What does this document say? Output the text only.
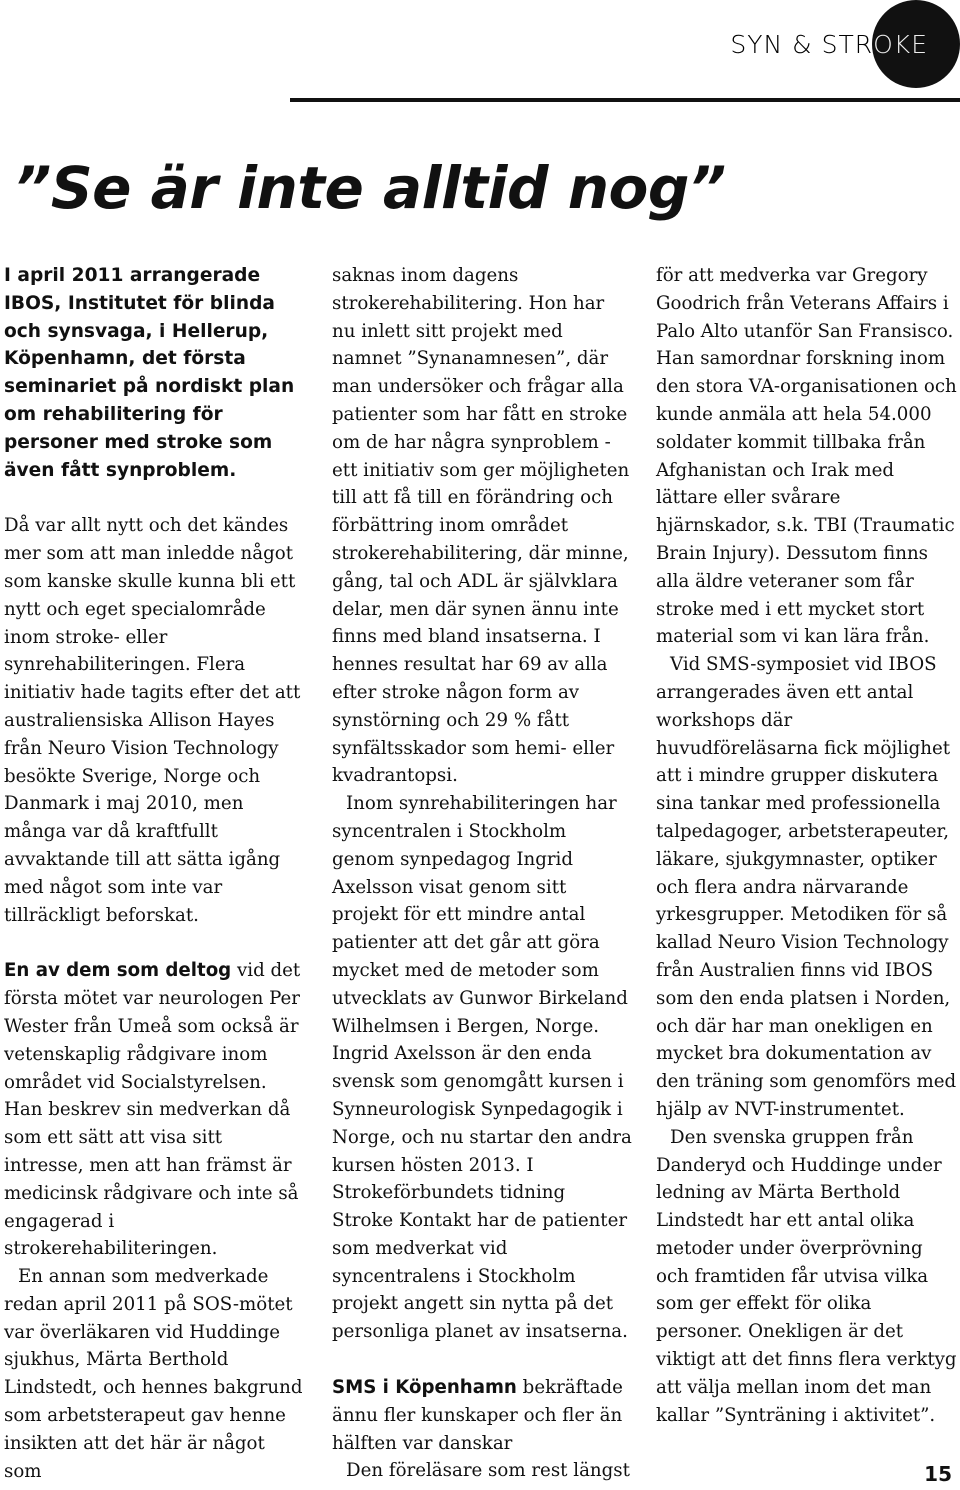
SYN & STROKE
”Se är inte alltid nog”

I april 2011 arrangerade IBOS, Institutet för blinda och synsvaga, i Hellerup, Köpenhamn, det första seminariet på nordiskt plan om rehabilitering för personer med stroke som även fått synproblem.

Då var allt nytt och det kändes mer som att man inledde något som kanske skulle kunna bli ett nytt och eget specialområde inom stroke- eller synrehabiliteringen. Flera initiativ hade tagits efter det att australiensiska Allison Hayes från Neuro Vision Technology besökte Sverige, Norge och Danmark i maj 2010, men många var då kraftfullt avvaktande till att sätta igång med något som inte var tillräckligt beforskat.

En av dem som deltog vid det första mötet var neurologen Per Wester från Umeå som också är vetenskaplig rådgivare inom området vid Socialstyrelsen. Han beskrev sin medverkan då som ett sätt att visa sitt intresse, men att han främst är medicinsk rådgivare och inte så engagerad i strokerehabiliteringen.

En annan som medverkade redan april 2011 på SOS-mötet var överläkaren vid Huddinge sjukhus, Märta Berthold Lindstedt, och hennes bakgrund som arbetsterapeut gav henne insikten att det här är något som

saknas inom dagens strokerehabilitering. Hon har nu inlett sitt projekt med namnet ”Synanamnesen”, där man undersöker och frågar alla patienter som har fått en stroke om de har några synproblem - ett initiativ som ger möjligheten till att få till en förändring och förbättring inom området strokerehabilitering, där minne, gång, tal och ADL är självklara delar, men där synen ännu inte finns med bland insatserna. I hennes resultat har 69 av alla efter stroke någon form av synstörning och 29 % fått synfältsskador som hemi- eller kvadrantopsi.

Inom synrehabiliteringen har syncentralen i Stockholm genom synpedagog Ingrid Axelsson visat genom sitt projekt för ett mindre antal patienter att det går att göra mycket med de metoder som utvecklats av Gunwor Birkeland Wilhelmsen i Bergen, Norge. Ingrid Axelsson är den enda svensk som genomgått kursen i Synneurologisk Synpedagogik i Norge, och nu startar den andra kursen hösten 2013. I Strokeförbundets tidning Stroke Kontakt har de patienter som medverkat vid syncentralens i Stockholm projekt angett sin nytta på det personliga planet av insatserna.

SMS i Köpenhamn bekräftade ännu fler kunskaper och fler än hälften var danskar

Den föreläsare som rest längst

för att medverka var Gregory Goodrich från Veterans Affairs i Palo Alto utanför San Fransisco. Han samordnar forskning inom den stora VA-organisationen och kunde anmäla att hela 54.000 soldater kommit tillbaka från Afghanistan och Irak med lättare eller svårare hjärnskador, s.k. TBI (Traumatic Brain Injury). Dessutom finns alla äldre veteraner som får stroke med i ett mycket stort material som vi kan lära från.

Vid SMS-symposiet vid IBOS arrangerades även ett antal workshops där huvudföreläsarna fick möjlighet att i mindre grupper diskutera sina tankar med professionella talpedagoger, arbetsterapeuter, läkare, sjukgymnaster, optiker och flera andra närvarande yrkesgrupper. Metodiken för så kallad Neuro Vision Technology från Australien finns vid IBOS som den enda platsen i Norden, och där har man onekligen en mycket bra dokumentation av den träning som genomförs med hjälp av NVT-instrumentet.

Den svenska gruppen från Danderyd och Huddinge under ledning av Märta Berthold Lindstedt har ett antal olika metoder under överprövning och framtiden får utvisa vilka som ger effekt för olika personer. Onekligen är det viktigt att det finns flera verktyg att välja mellan inom det man kallar ”Synträning i aktivitet”.

15
